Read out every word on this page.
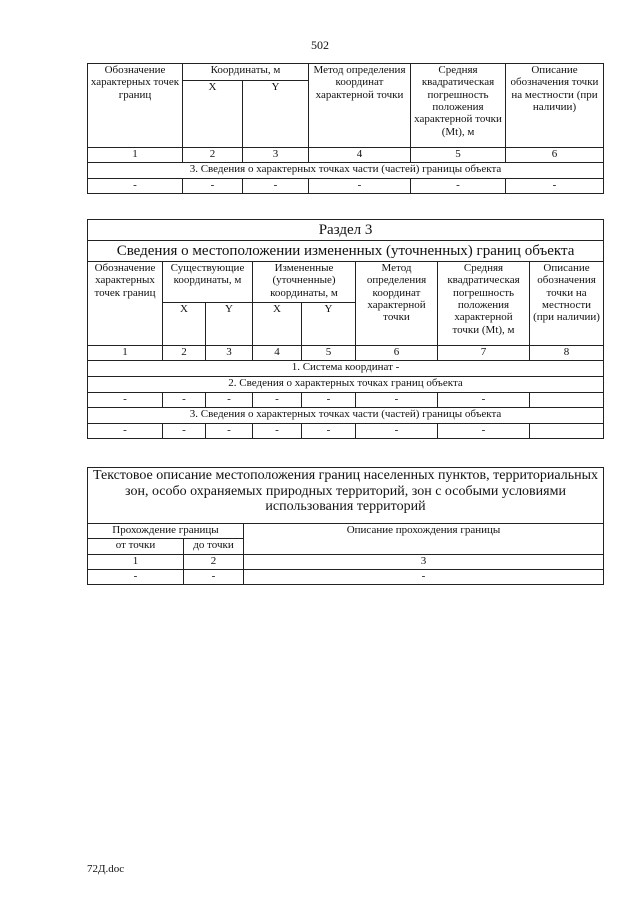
502
Обозначение характерных точек границ	Координаты, м		Метод определения координат характерной точки	Средняя квадратическая погрешность положения характерной точки (Mt), м	Описание обозначения точки на местности (при наличии)
	X	Y			
1	2	3	4	5	6
3. Сведения о характерных точках части (частей) границы объекта					
-	-	-	-	-	-
Раздел 3							
Сведения о местоположении измененных (уточненных) границ объекта							
Обозначение характерных точек границ	Существующие координаты, м		Измененные (уточненные) координаты, м		Метод определения координат характерной точки	Средняя квадратическая погрешность положения характерной точки (Mt), м	Описание обозначения точки на местности (при наличии)
	X	Y	X	Y			
1	2	3	4	5	6	7	8
1. Система координат -							
2. Сведения о характерных точках границ объекта							
-	-	-	-	-	-	-	
3. Сведения о характерных точках части (частей) границы объекта							
-	-	-	-	-	-	-	
Текстовое описание местоположения границ населенных пунктов, территориальных зон, особо охраняемых природных территорий, зон с особыми условиями использования территорий		
Прохождение границы		Описание прохождения границы
от точки	до точки	
1	2	3
-	-	-
72Д.doc
